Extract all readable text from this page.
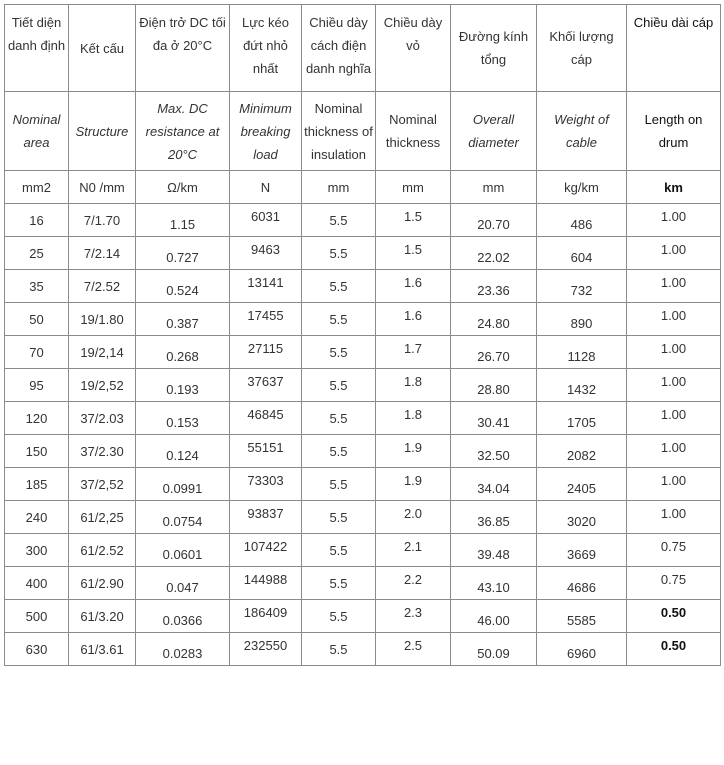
Tiết diện danh định	Kết cấu	Điện trở DC tối đa ở 20°C	Lực kéo đứt nhỏ nhất	Chiều dày cách điện danh nghĩa	Chiều dày vỏ	Đường kính tổng	Khối lượng cáp	Chiều dài cáp
Nominal area	Structure	Max. DC resistance at 20°C	Minimum breaking load	Nominal thickness of insulation	Nominal thickness	Overall diameter	Weight of cable	Length on drum
mm2	N0 /mm	Ω/km	N	mm	mm	mm	kg/km	km
16	7/1.70	1.15	6031	5.5	1.5	20.70	486	1.00
25	7/2.14	0.727	9463	5.5	1.5	22.02	604	1.00
35	7/2.52	0.524	13141	5.5	1.6	23.36	732	1.00
50	19/1.80	0.387	17455	5.5	1.6	24.80	890	1.00
70	19/2,14	0.268	27115	5.5	1.7	26.70	1128	1.00
95	19/2,52	0.193	37637	5.5	1.8	28.80	1432	1.00
120	37/2.03	0.153	46845	5.5	1.8	30.41	1705	1.00
150	37/2.30	0.124	55151	5.5	1.9	32.50	2082	1.00
185	37/2,52	0.0991	73303	5.5	1.9	34.04	2405	1.00
240	61/2,25	0.0754	93837	5.5	2.0	36.85	3020	1.00
300	61/2.52	0.0601	107422	5.5	2.1	39.48	3669	0.75
400	61/2.90	0.047	144988	5.5	2.2	43.10	4686	0.75
500	61/3.20	0.0366	186409	5.5	2.3	46.00	5585	0.50
630	61/3.61	0.0283	232550	5.5	2.5	50.09	6960	0.50
